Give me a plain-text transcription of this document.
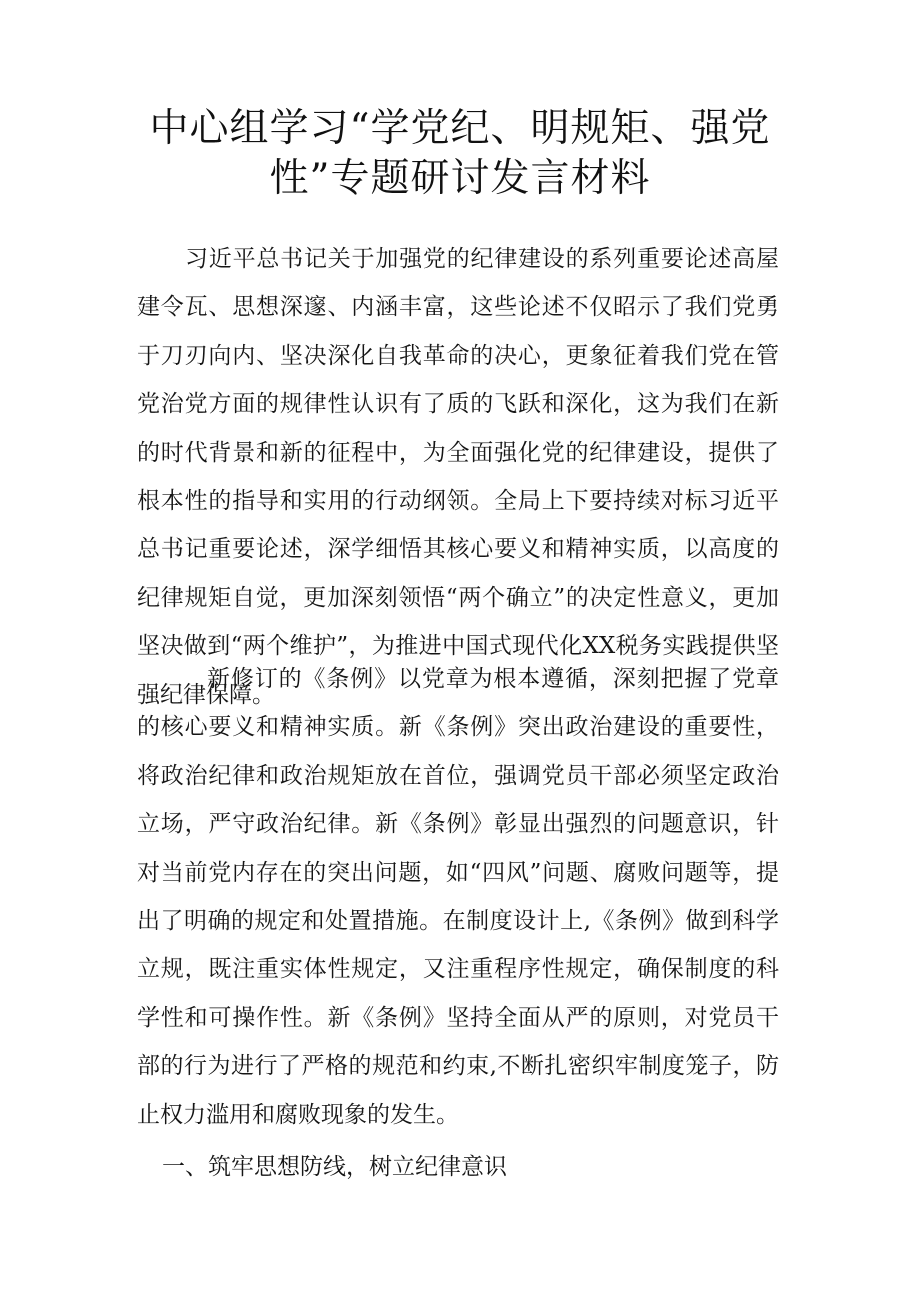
中心组学习“学党纪、明规矩、强党性”专题研讨发言材料

习近平总书记关于加强党的纪律建设的系列重要论述高屋建令瓦、思想深邃、内涵丰富，这些论述不仅昭示了我们党勇于刀刃向内、坚决深化自我革命的决心，更象征着我们党在管党治党方面的规律性认识有了质的飞跃和深化，这为我们在新的时代背景和新的征程中，为全面强化党的纪律建设，提供了根本性的指导和实用的行动纲领。全局上下要持续对标习近平总书记重要论述，深学细悟其核心要义和精神实质，以高度的纪律规矩自觉，更加深刻领悟“两个确立”的决定性意义，更加坚决做到“两个维护”，为推进中国式现代化XX税务实践提供坚强纪律保障。

新修订的《条例》以党章为根本遵循，深刻把握了党章的核心要义和精神实质。新《条例》突出政治建设的重要性，将政治纪律和政治规矩放在首位，强调党员干部必须坚定政治立场，严守政治纪律。新《条例》彰显出强烈的问题意识，针对当前党内存在的突出问题，如“四风”问题、腐败问题等，提出了明确的规定和处置措施。在制度设计上,《条例》做到科学立规，既注重实体性规定，又注重程序性规定，确保制度的科学性和可操作性。新《条例》坚持全面从严的原则，对党员干部的行为进行了严格的规范和约束,不断扎密织牢制度笼子，防止权力滥用和腐败现象的发生。

一、筑牢思想防线，树立纪律意识
